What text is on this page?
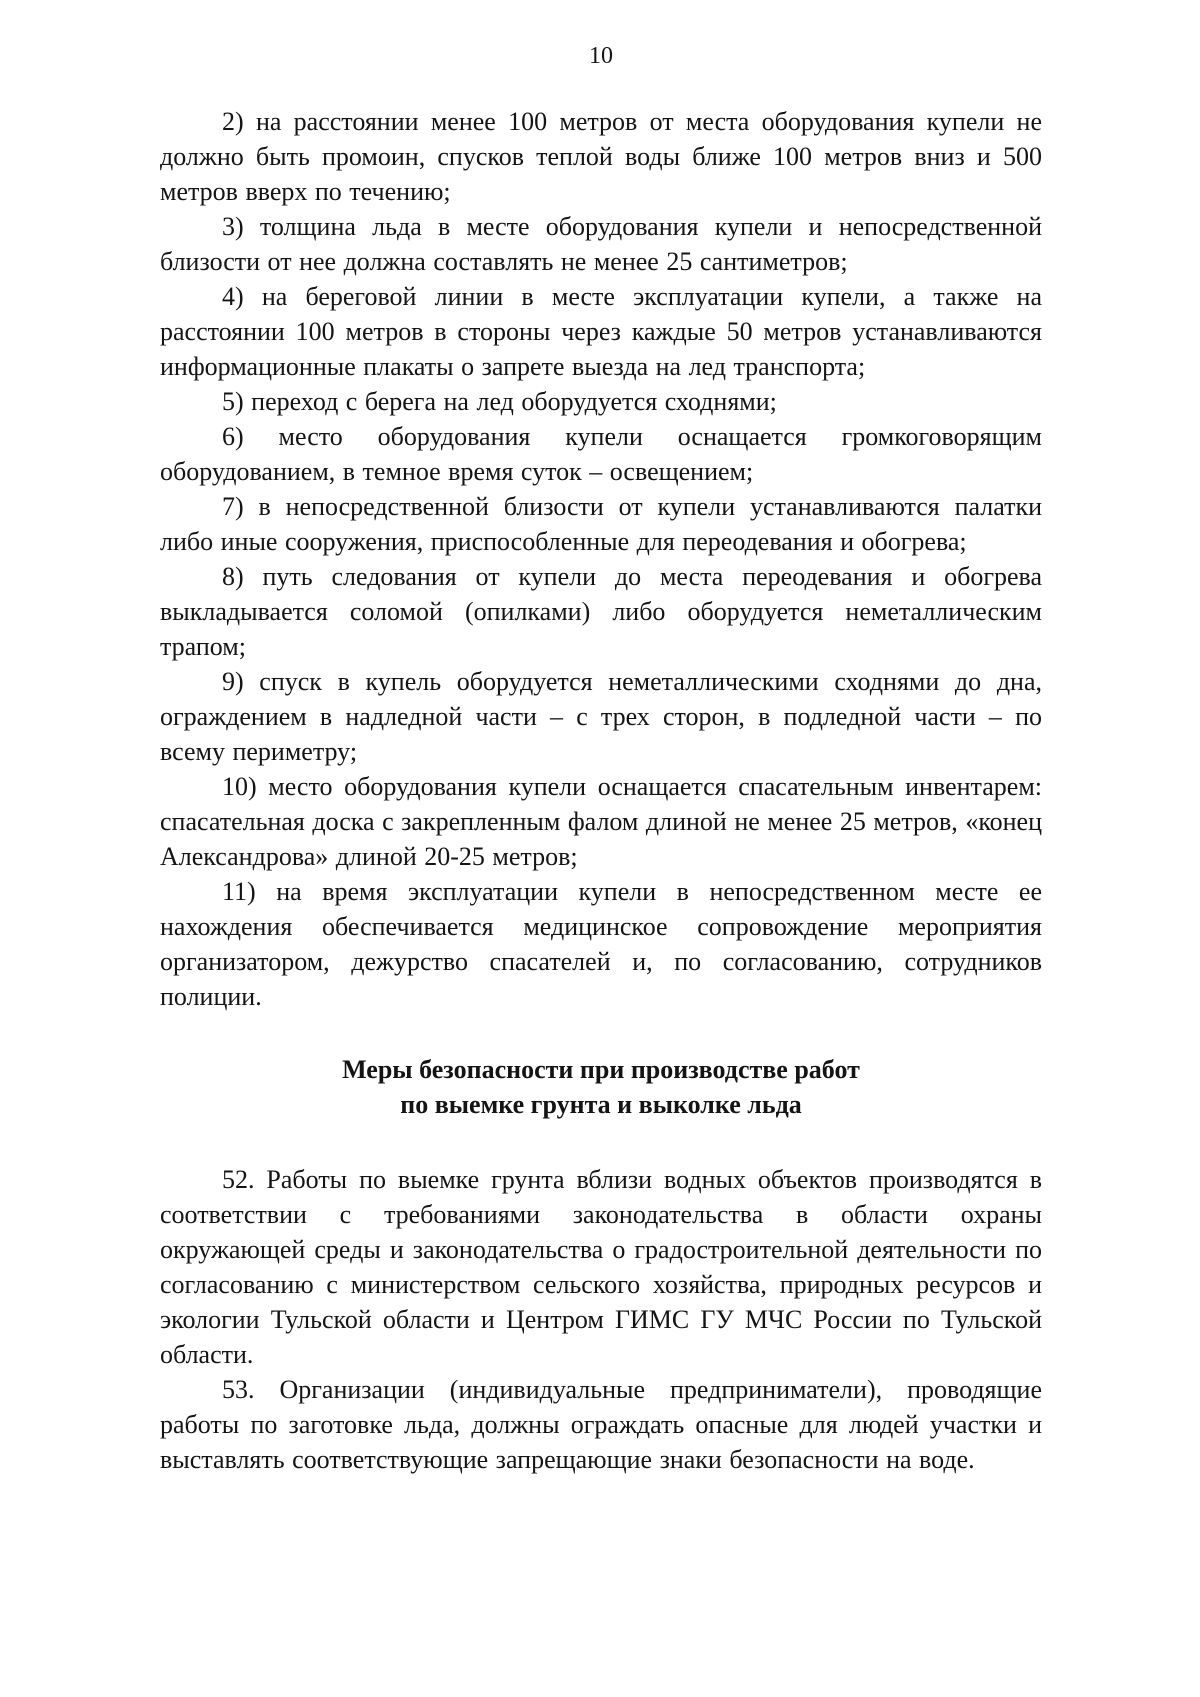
10

2) на расстоянии менее 100 метров от места оборудования купели не должно быть промоин, спусков теплой воды ближе 100 метров вниз и 500 метров вверх по течению;

3) толщина льда в месте оборудования купели и непосредственной близости от нее должна составлять не менее 25 сантиметров;

4) на береговой линии в месте эксплуатации купели, а также на расстоянии 100 метров в стороны через каждые 50 метров устанавливаются информационные плакаты о запрете выезда на лед транспорта;

5) переход с берега на лед оборудуется сходнями;

6) место оборудования купели оснащается громкоговорящим оборудованием, в темное время суток – освещением;

7) в непосредственной близости от купели устанавливаются палатки либо иные сооружения, приспособленные для переодевания и обогрева;

8) путь следования от купели до места переодевания и обогрева выкладывается соломой (опилками) либо оборудуется неметаллическим трапом;

9) спуск в купель оборудуется неметаллическими сходнями до дна, ограждением в надледной части – с трех сторон, в подледной части – по всему периметру;

10) место оборудования купели оснащается спасательным инвентарем: спасательная доска с закрепленным фалом длиной не менее 25 метров, «конец Александрова» длиной 20-25 метров;

11) на время эксплуатации купели в непосредственном месте ее нахождения обеспечивается медицинское сопровождение мероприятия организатором, дежурство спасателей и, по согласованию, сотрудников полиции.

Меры безопасности при производстве работ
по выемке грунта и выколке льда

52. Работы по выемке грунта вблизи водных объектов производятся в соответствии с требованиями законодательства в области охраны окружающей среды и законодательства о градостроительной деятельности по согласованию с министерством сельского хозяйства, природных ресурсов и экологии Тульской области и Центром ГИМС ГУ МЧС России по Тульской области.

53. Организации (индивидуальные предприниматели), проводящие работы по заготовке льда, должны ограждать опасные для людей участки и выставлять соответствующие запрещающие знаки безопасности на воде.
